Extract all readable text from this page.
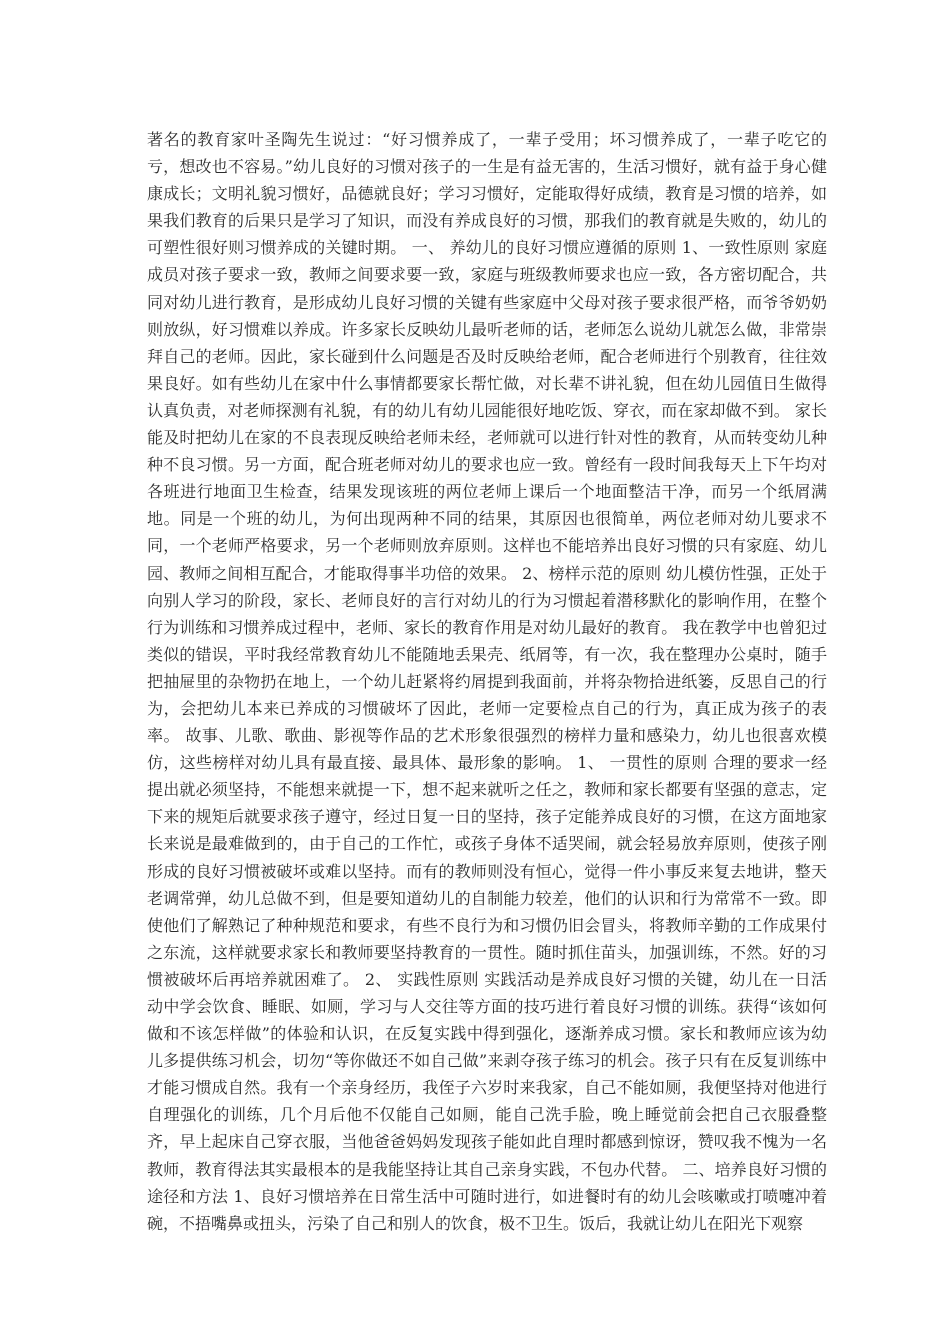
著名的教育家叶圣陶先生说过：“好习惯养成了，一辈子受用；坏习惯养成了，一辈子吃它的亏，想改也不容易。”幼儿良好的习惯对孩子的一生是有益无害的，生活习惯好，就有益于身心健康成长；文明礼貌习惯好，品德就良好；学习习惯好，定能取得好成绩，教育是习惯的培养，如果我们教育的后果只是学习了知识，而没有养成良好的习惯，那我们的教育就是失败的，幼儿的可塑性很好则习惯养成的关键时期。 一、 养幼儿的良好习惯应遵循的原则 1、一致性原则 家庭成员对孩子要求一致，教师之间要求要一致，家庭与班级教师要求也应一致，各方密切配合，共同对幼儿进行教育，是形成幼儿良好习惯的关键有些家庭中父母对孩子要求很严格，而爷爷奶奶则放纵，好习惯难以养成。许多家长反映幼儿最听老师的话，老师怎么说幼儿就怎么做，非常崇拜自己的老师。因此，家长碰到什么问题是否及时反映给老师，配合老师进行个别教育，往往效果良好。如有些幼儿在家中什么事情都要家长帮忙做，对长辈不讲礼貌，但在幼儿园值日生做得认真负责，对老师探测有礼貌，有的幼儿有幼儿园能很好地吃饭、穿衣，而在家却做不到。 家长能及时把幼儿在家的不良表现反映给老师未经，老师就可以进行针对性的教育，从而转变幼儿种种不良习惯。另一方面，配合班老师对幼儿的要求也应一致。曾经有一段时间我每天上下午均对各班进行地面卫生检查，结果发现该班的两位老师上课后一个地面整洁干净，而另一个纸屑满地。同是一个班的幼儿，为何出现两种不同的结果，其原因也很简单，两位老师对幼儿要求不同，一个老师严格要求，另一个老师则放弃原则。这样也不能培养出良好习惯的只有家庭、幼儿园、教师之间相互配合，才能取得事半功倍的效果。 2、榜样示范的原则 幼儿模仿性强，正处于向别人学习的阶段，家长、老师良好的言行对幼儿的行为习惯起着潜移默化的影响作用，在整个行为训练和习惯养成过程中，老师、家长的教育作用是对幼儿最好的教育。 我在教学中也曾犯过类似的错误，平时我经常教育幼儿不能随地丢果壳、纸屑等，有一次，我在整理办公桌时，随手把抽屉里的杂物扔在地上，一个幼儿赶紧将约屑提到我面前，并将杂物拾进纸篓，反思自己的行为，会把幼儿本来已养成的习惯破坏了因此，老师一定要检点自己的行为，真正成为孩子的表率。 故事、儿歌、歌曲、影视等作品的艺术形象很强烈的榜样力量和感染力，幼儿也很喜欢模仿，这些榜样对幼儿具有最直接、最具体、最形象的影响。 1、 一贯性的原则 合理的要求一经提出就必须坚持，不能想来就提一下，想不起来就听之任之，教师和家长都要有坚强的意志，定下来的规矩后就要求孩子遵守，经过日复一日的坚持，孩子定能养成良好的习惯，在这方面地家长来说是最难做到的，由于自己的工作忙，或孩子身体不适哭闹，就会轻易放弃原则，使孩子刚形成的良好习惯被破坏或难以坚持。而有的教师则没有恒心，觉得一件小事反来复去地讲，整天老调常弹，幼儿总做不到，但是要知道幼儿的自制能力较差，他们的认识和行为常常不一致。即使他们了解熟记了种种规范和要求，有些不良行为和习惯仍旧会冒头，将教师辛勤的工作成果付之东流，这样就要求家长和教师要坚持教育的一贯性。随时抓住苗头，加强训练，不然。好的习惯被破坏后再培养就困难了。 2、 实践性原则 实践活动是养成良好习惯的关键，幼儿在一日活动中学会饮食、睡眠、如厕，学习与人交往等方面的技巧进行着良好习惯的训练。获得“该如何做和不该怎样做”的体验和认识，在反复实践中得到强化，逐渐养成习惯。家长和教师应该为幼儿多提供练习机会，切勿“等你做还不如自己做”来剥夺孩子练习的机会。孩子只有在反复训练中才能习惯成自然。我有一个亲身经历，我侄子六岁时来我家，自己不能如厕，我便坚持对他进行自理强化的训练，几个月后他不仅能自己如厕，能自己洗手脸，晚上睡觉前会把自己衣服叠整齐，早上起床自己穿衣服，当他爸爸妈妈发现孩子能如此自理时都感到惊讶，赞叹我不愧为一名教师，教育得法其实最根本的是我能坚持让其自己亲身实践，不包办代替。 二、培养良好习惯的途径和方法 1、良好习惯培养在日常生活中可随时进行，如进餐时有的幼儿会咳嗽或打喷嚏冲着碗，不捂嘴鼻或扭头，污染了自己和别人的饮食，极不卫生。饭后，我就让幼儿在阳光下观察
